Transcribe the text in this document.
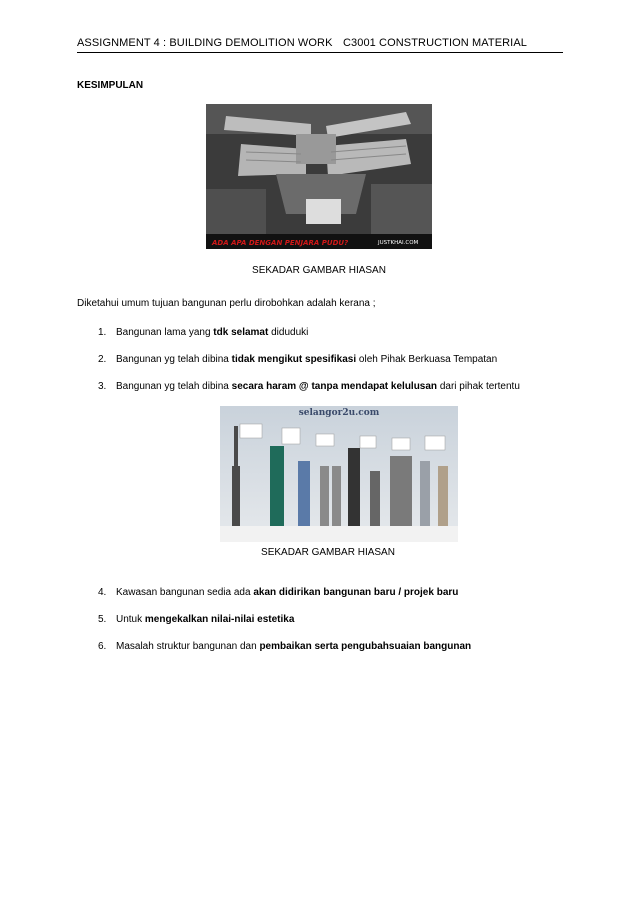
ASSIGNMENT 4 : BUILDING DEMOLITION WORK C3001 CONSTRUCTION MATERIAL
KESIMPULAN
ADA APA DENGAN PENJARA PUDU?	JUSTKHAI.COM
SEKADAR GAMBAR HIASAN
Diketahui umum tujuan bangunan perlu dirobohkan adalah kerana ;
1. Bangunan lama yang tdk selamat diduduki
2. Bangunan yg telah dibina tidak mengikut spesifikasi oleh Pihak Berkuasa Tempatan
3. Bangunan yg telah dibina secara haram @ tanpa mendapat kelulusan dari pihak tertentu
selangor2u.com
SEKADAR GAMBAR HIASAN
4. Kawasan bangunan sedia ada akan didirikan bangunan baru / projek baru
5. Untuk mengekalkan nilai-nilai estetika
6. Masalah struktur bangunan dan pembaikan serta pengubahsuaian bangunan
